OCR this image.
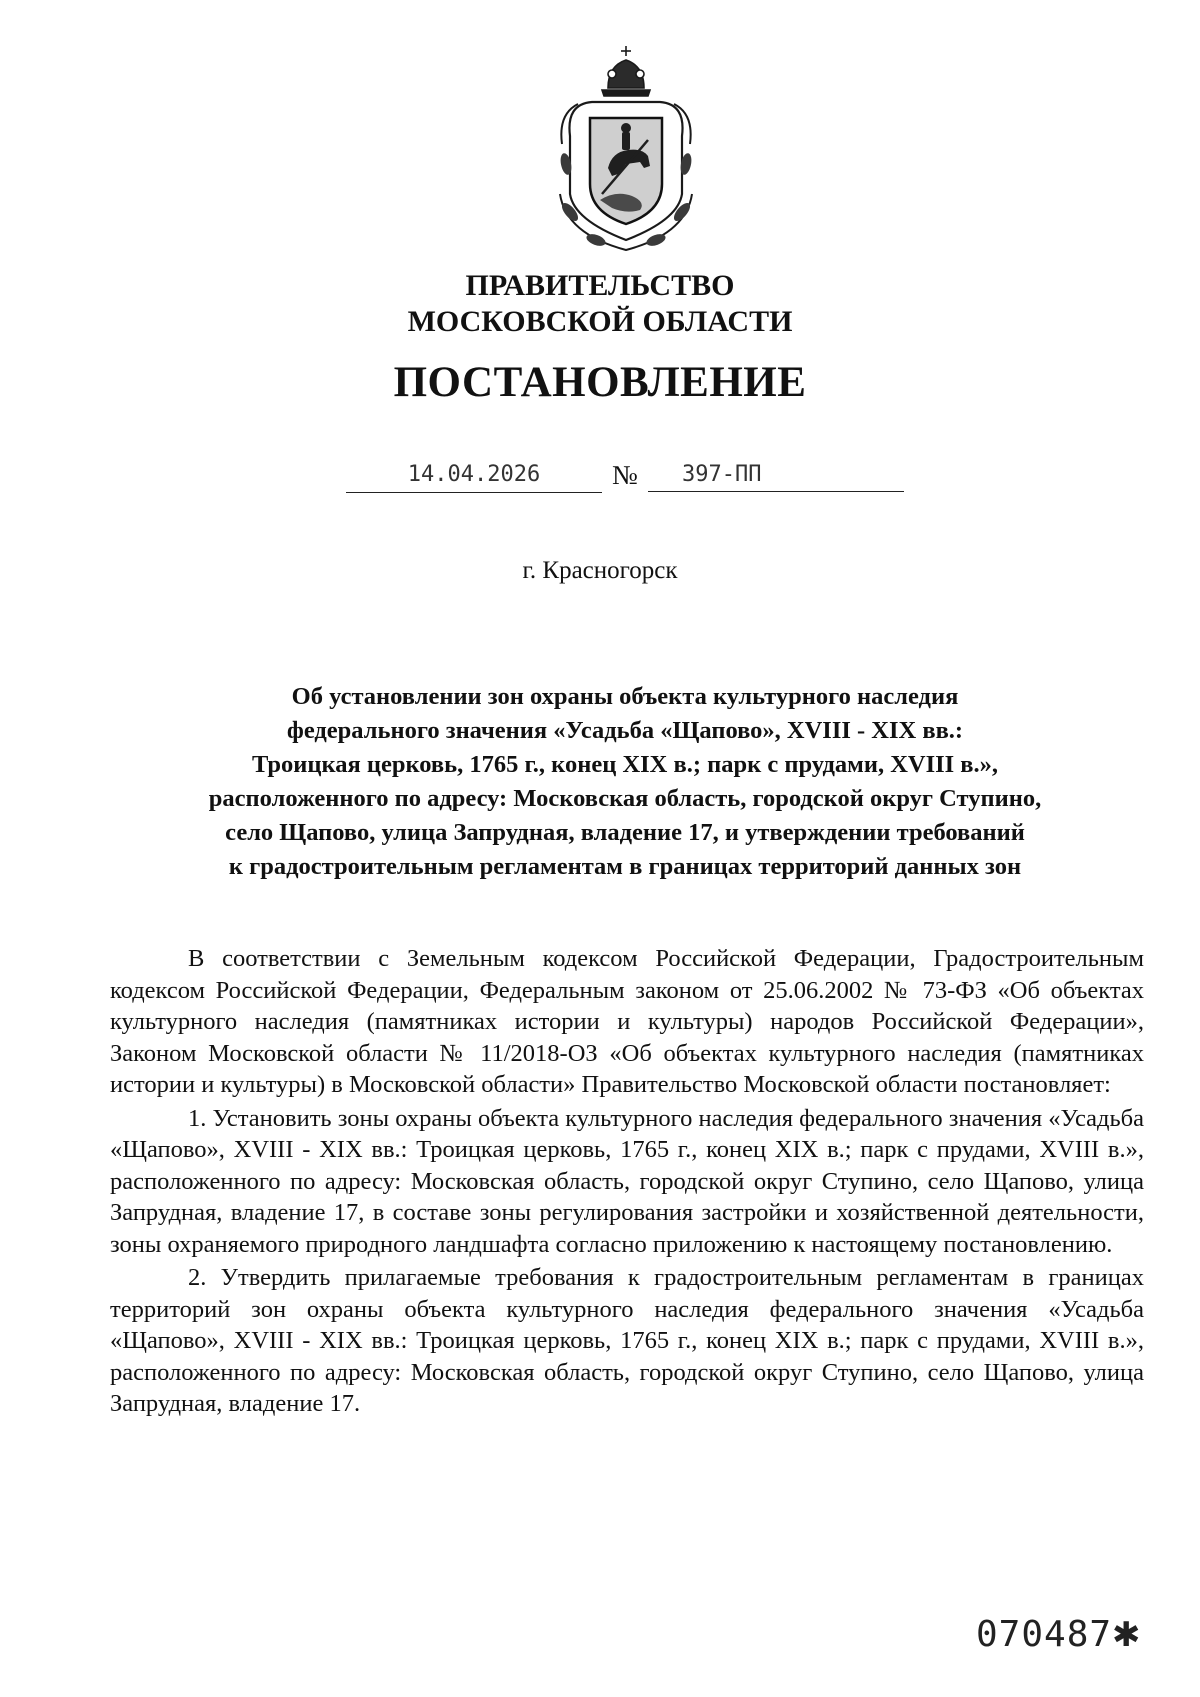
ПРАВИТЕЛЬСТВО
МОСКОВСКОЙ ОБЛАСТИ
ПОСТАНОВЛЕНИЕ
14.04.2026	№	397-ПП
г. Красногорск
Об установлении зон охраны объекта культурного наследия
федерального значения «Усадьба «Щапово», XVIII - XIX вв.:
Троицкая церковь, 1765 г., конец XIX в.; парк с прудами, XVIII в.»,
расположенного по адресу: Московская область, городской округ Ступино,
село Щапово, улица Запрудная, владение 17, и утверждении требований
к градостроительным регламентам в границах территорий данных зон

В соответствии с Земельным кодексом Российской Федерации, Градостроительным кодексом Российской Федерации, Федеральным законом от 25.06.2002 № 73-ФЗ «Об объектах культурного наследия (памятниках истории и культуры) народов Российской Федерации», Законом Московской области № 11/2018-ОЗ «Об объектах культурного наследия (памятниках истории и культуры) в Московской области» Правительство Московской области постановляет:

1. Установить зоны охраны объекта культурного наследия федерального значения «Усадьба «Щапово», XVIII - XIX вв.: Троицкая церковь, 1765 г., конец XIX в.; парк с прудами, XVIII в.», расположенного по адресу: Московская область, городской округ Ступино, село Щапово, улица Запрудная, владение 17, в составе зоны регулирования застройки и хозяйственной деятельности, зоны охраняемого природного ландшафта согласно приложению к настоящему постановлению.

2. Утвердить прилагаемые требования к градостроительным регламентам в границах территорий зон охраны объекта культурного наследия федерального значения «Усадьба «Щапово», XVIII - XIX вв.: Троицкая церковь, 1765 г., конец XIX в.; парк с прудами, XVIII в.», расположенного по адресу: Московская область, городской округ Ступино, село Щапово, улица Запрудная, владение 17.

070487✱
